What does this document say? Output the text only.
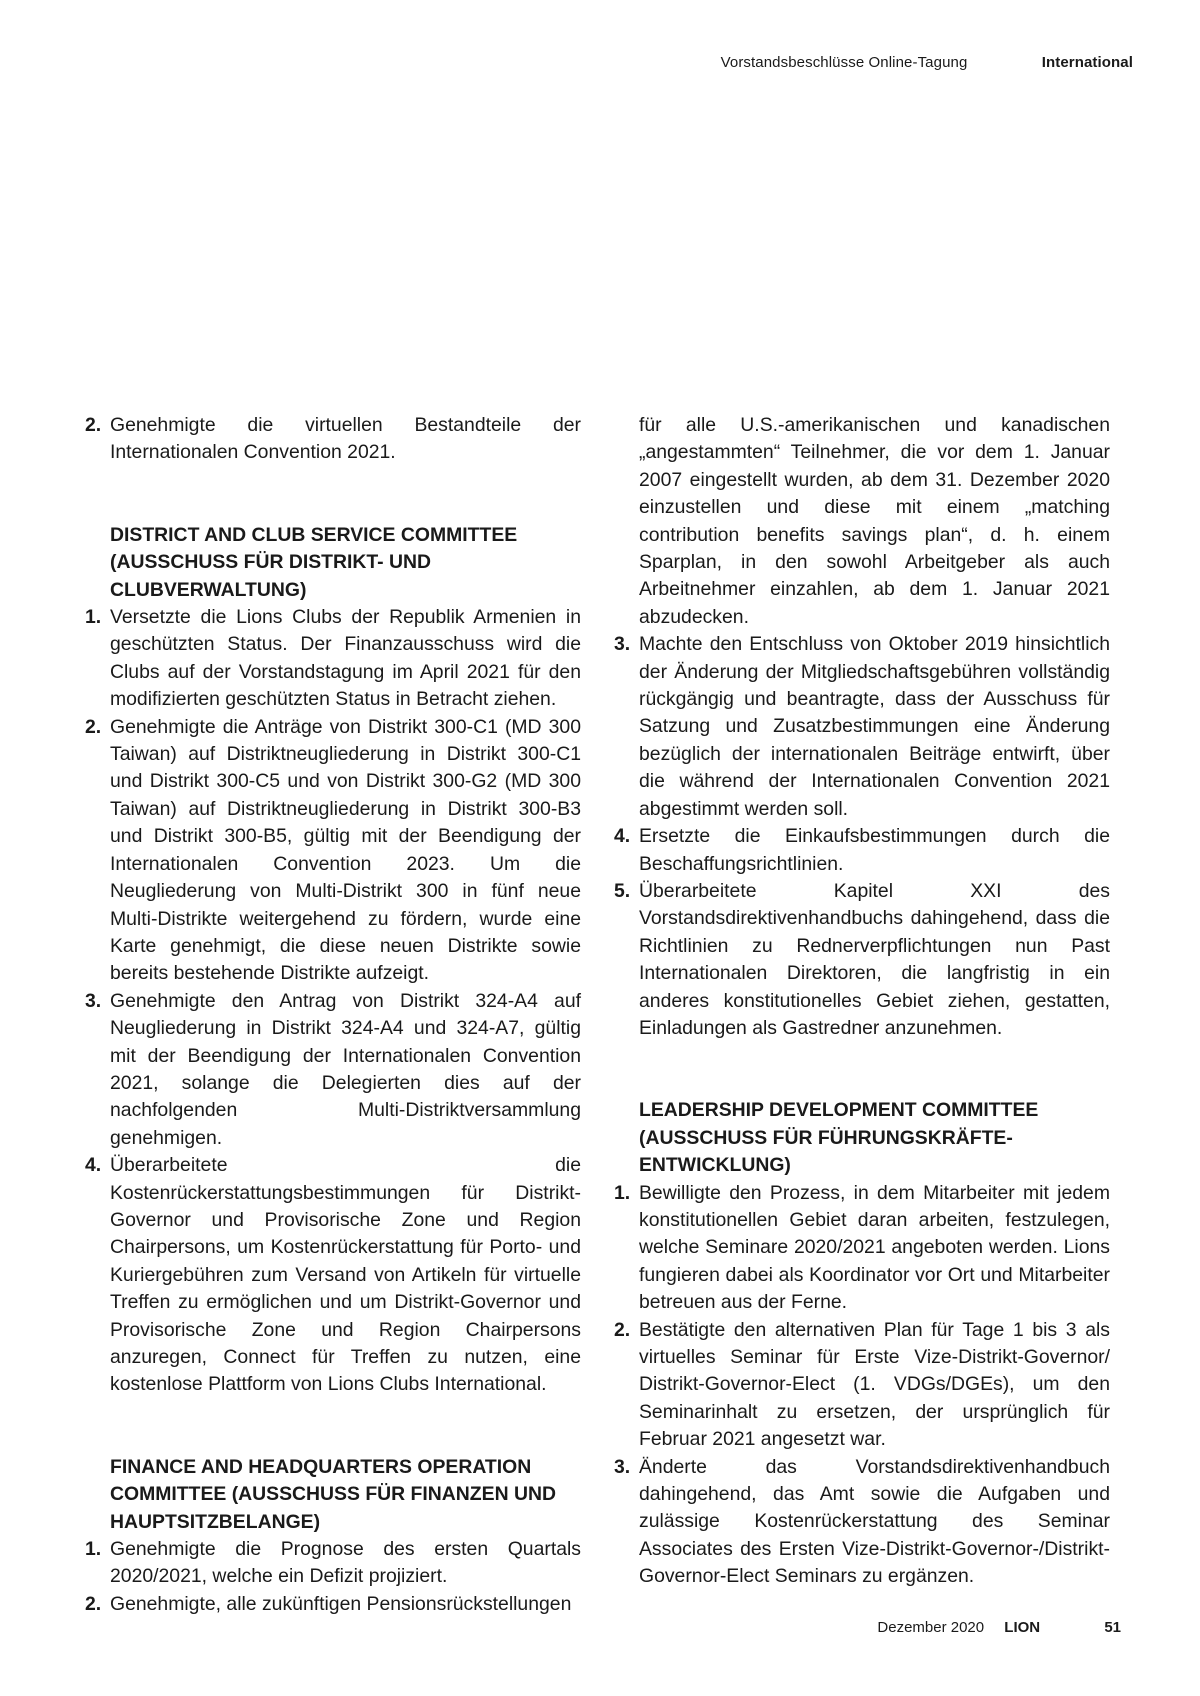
Vorstandsbeschlüsse Online-Tagung	International
2. Genehmigte die virtuellen Bestandteile der Internationalen Convention 2021.
DISTRICT AND CLUB SERVICE COMMITTEE (AUSSCHUSS FÜR DISTRIKT- UND CLUBVERWALTUNG)
1. Versetzte die Lions Clubs der Republik Armenien in geschützten Status. Der Finanzausschuss wird die Clubs auf der Vorstandstagung im April 2021 für den modifizierten geschützten Status in Betracht ziehen.
2. Genehmigte die Anträge von Distrikt 300-C1 (MD 300 Taiwan) auf Distriktneugliederung in Distrikt 300-C1 und Distrikt 300-C5 und von Distrikt 300-G2 (MD 300 Taiwan) auf Distriktneugliederung in Distrikt 300-B3 und Distrikt 300-B5, gültig mit der Beendigung der Internationalen Convention 2023. Um die Neugliederung von Multi-Distrikt 300 in fünf neue Multi-Distrikte weitergehend zu fördern, wurde eine Karte genehmigt, die diese neuen Distrikte sowie bereits bestehende Distrikte aufzeigt.
3. Genehmigte den Antrag von Distrikt 324-A4 auf Neugliederung in Distrikt 324-A4 und 324-A7, gültig mit der Beendigung der Internationalen Convention 2021, solange die Delegierten dies auf der nachfolgenden Multi-Distriktversammlung genehmigen.
4. Überarbeitete die Kostenrückerstattungsbestimmungen für Distrikt-Governor und Provisorische Zone und Region Chairpersons, um Kostenrückerstattung für Porto- und Kuriergebühren zum Versand von Artikeln für virtuelle Treffen zu ermöglichen und um Distrikt-Governor und Provisorische Zone und Region Chairpersons anzuregen, Connect für Treffen zu nutzen, eine kostenlose Plattform von Lions Clubs International.
FINANCE AND HEADQUARTERS OPERATION COMMITTEE (AUSSCHUSS FÜR FINANZEN UND HAUPTSITZBELANGE)
1. Genehmigte die Prognose des ersten Quartals 2020/2021, welche ein Defizit projiziert.
2. Genehmigte, alle zukünftigen Pensionsrückstellungen
für alle U.S.-amerikanischen und kanadischen „angestammten“ Teilnehmer, die vor dem 1. Januar 2007 eingestellt wurden, ab dem 31. Dezember 2020 einzustellen und diese mit einem „matching contribution benefits savings plan“, d. h. einem Sparplan, in den sowohl Arbeitgeber als auch Arbeitnehmer einzahlen, ab dem 1. Januar 2021 abzudecken.
3. Machte den Entschluss von Oktober 2019 hinsichtlich der Änderung der Mitgliedschaftsgebühren vollständig rückgängig und beantragte, dass der Ausschuss für Satzung und Zusatzbestimmungen eine Änderung bezüglich der internationalen Beiträge entwirft, über die während der Internationalen Convention 2021 abgestimmt werden soll.
4. Ersetzte die Einkaufsbestimmungen durch die Beschaffungsrichtlinien.
5. Überarbeitete Kapitel XXI des Vorstandsdirektivenhandbuchs dahingehend, dass die Richtlinien zu Rednerverpflichtungen nun Past Internationalen Direktoren, die langfristig in ein anderes konstitutionelles Gebiet ziehen, gestatten, Einladungen als Gastredner anzunehmen.
LEADERSHIP DEVELOPMENT COMMITTEE (AUSSCHUSS FÜR FÜHRUNGSKRÄFTE-ENTWICKLUNG)
1. Bewilligte den Prozess, in dem Mitarbeiter mit jedem konstitutionellen Gebiet daran arbeiten, festzulegen, welche Seminare 2020/2021 angeboten werden. Lions fungieren dabei als Koordinator vor Ort und Mitarbeiter betreuen aus der Ferne.
2. Bestätigte den alternativen Plan für Tage 1 bis 3 als virtuelles Seminar für Erste Vize-Distrikt-Governor/ Distrikt-Governor-Elect (1. VDGs/DGEs), um den Seminarinhalt zu ersetzen, der ursprünglich für Februar 2021 angesetzt war.
3. Änderte das Vorstandsdirektivenhandbuch dahingehend, das Amt sowie die Aufgaben und zulässige Kostenrückerstattung des Seminar Associates des Ersten Vize-Distrikt-Governor-/Distrikt-Governor-Elect Seminars zu ergänzen.
Dezember 2020 LION	51
